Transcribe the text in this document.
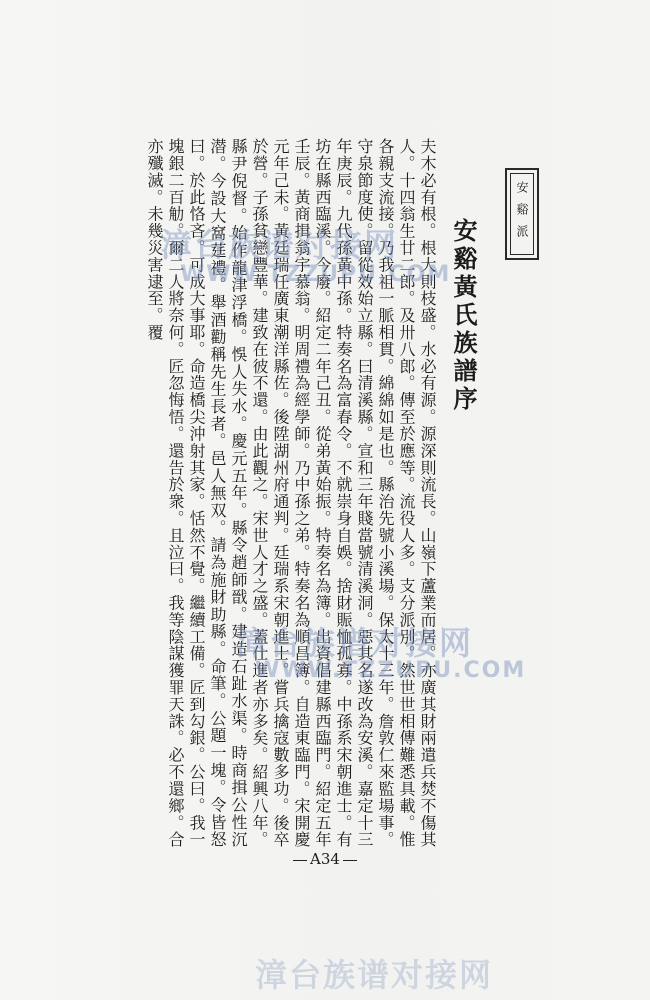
安谿派
安谿黃氏族譜序
夫木必有根。根大則枝盛。水必有源。源深則流長。山嶺下蘆業而居。亦廣其財兩遣兵焚不傷其人。十四翁生廿二郎。及卅八郎。傳至於應等。流役人多。支分派別。然世世相傳難悉具載。惟各親支流接。乃我祖一脈相貫。綿綿如是也。縣治先號小溪場。保太十三年。詹敦仁來監場事。守泉節度使。留從效始立縣。曰清溪縣。宣和三年賤當號清溪洞。惡其名遂改為安溪。嘉定十三年庚辰。九代孫黃中孫。特奏名為富春令。不就崇身自娛。捨財賑恤孤寡。中孫系宋朝進士。有坊在縣西臨溪。今廢。紹定二年己丑。從弟黃始振。特奏名為簿。出資倡建縣西臨門。紹定五年壬辰。黃商揖翁宇慕翁。明周禮為經學師。乃中孫之弟。特奏名為順昌簿。自造東臨門。宋開慶元年己未。黃廷瑞任廣東潮洋縣佐。後陞湖州府通判。廷瑞系宋朝進士。嘗兵擒寇數多功。後卒於營。子孫貧戀豐華。建致在彼不還。由此觀之。宋世人才之盛。蓋仕進者亦多矣。紹興八年。縣尹倪督。始作龍津浮橋。悞人失水。慶元五年。縣令趙師戩。建造石趾水渠。時商揖公性沉潜。今設大窩莛禮。舉酒勸稱先生長者。邑人無双。請為施財助縣。命筆。公題一塊。令皆怒曰。於此恪吝。可成大事耶。命造橋尖沖射其家。恬然不覺。繼續工備。匠到勾銀。公曰。我一塊銀二百觔。爾二人將奈何。匠忽悔悟。還告於衆。且泣曰。我等陰謀獲罪天誅。必不還鄉。合亦殲滅。未幾災害逮至。覆
A34
漳台族谱对接网
WWW.TZZUPU.COM
漳台族谱对接网
WWW.TZZUPU.COM
漳台族谱对接网
